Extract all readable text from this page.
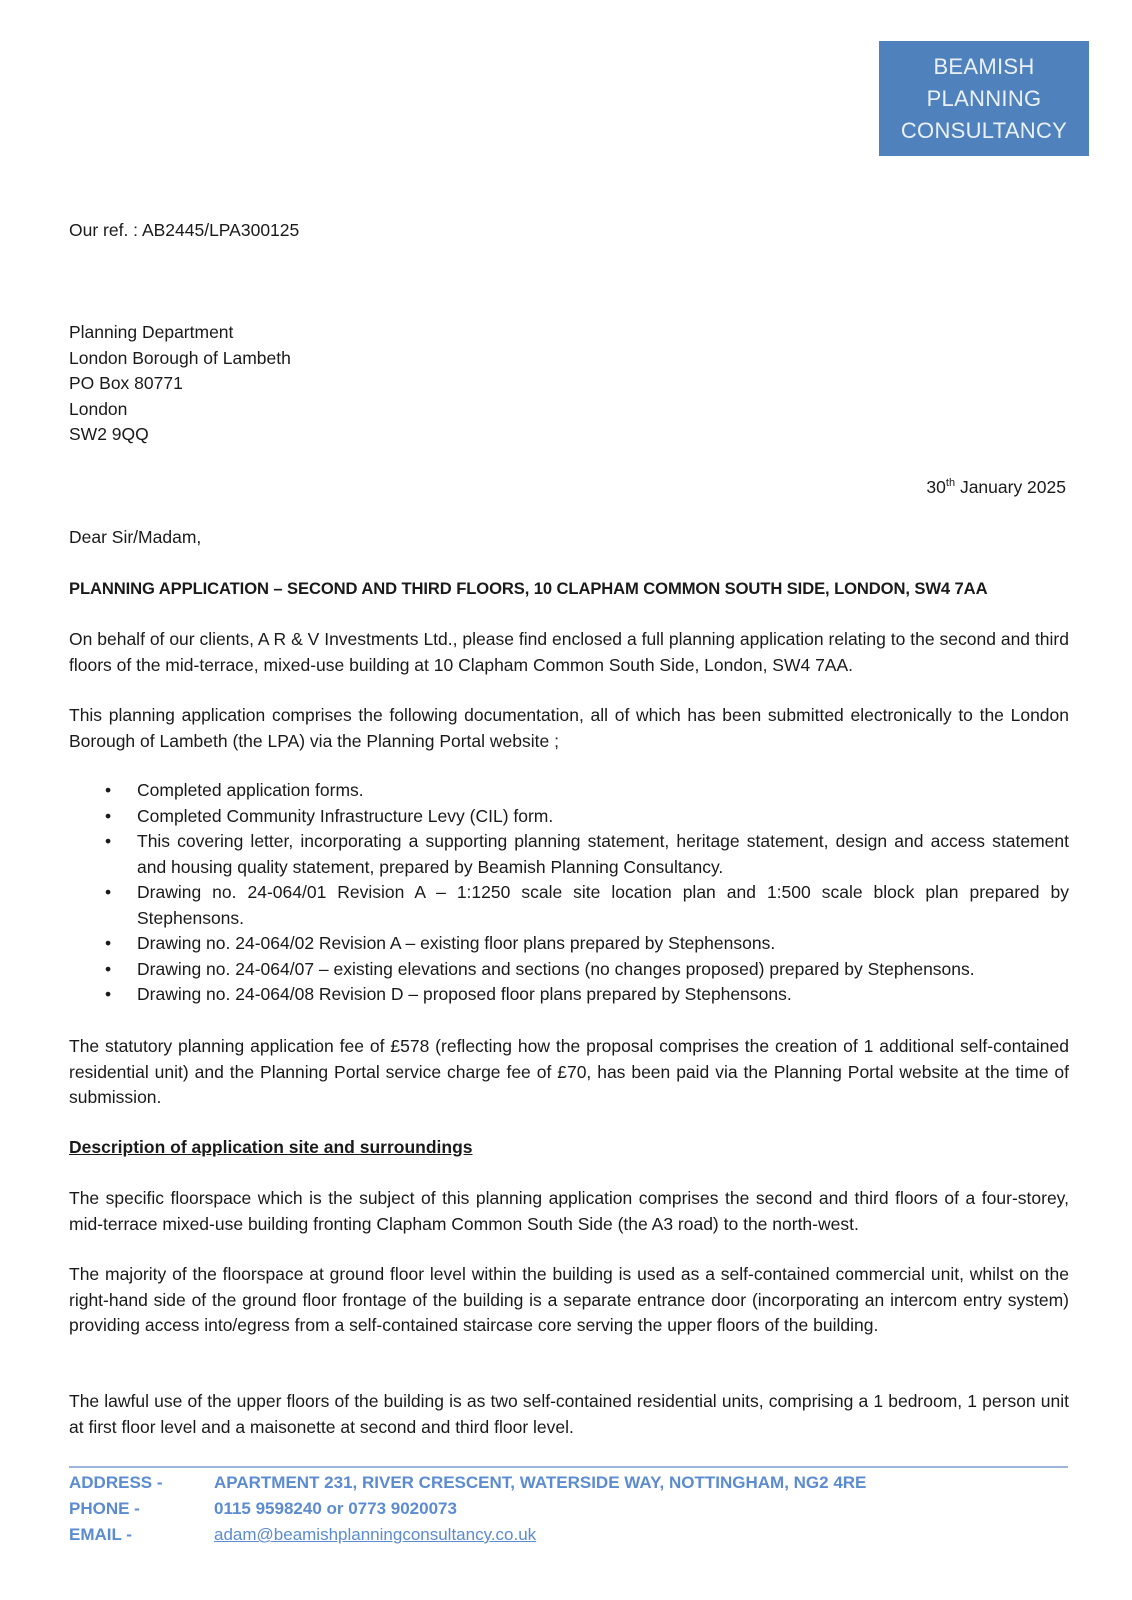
BEAMISH
PLANNING
CONSULTANCY
Our ref. : AB2445/LPA300125
Planning Department
London Borough of Lambeth
PO Box 80771
London
SW2 9QQ
30th January 2025
Dear Sir/Madam,
PLANNING APPLICATION – SECOND AND THIRD FLOORS, 10 CLAPHAM COMMON SOUTH SIDE, LONDON, SW4 7AA
On behalf of our clients, A R & V Investments Ltd., please find enclosed a full planning application relating to the second and third floors of the mid-terrace, mixed-use building at 10 Clapham Common South Side, London, SW4 7AA.
This planning application comprises the following documentation, all of which has been submitted electronically to the London Borough of Lambeth (the LPA) via the Planning Portal website ;
• Completed application forms.
• Completed Community Infrastructure Levy (CIL) form.
• This covering letter, incorporating a supporting planning statement, heritage statement, design and access statement and housing quality statement, prepared by Beamish Planning Consultancy.
• Drawing no. 24-064/01 Revision A – 1:1250 scale site location plan and 1:500 scale block plan prepared by Stephensons.
• Drawing no. 24-064/02 Revision A – existing floor plans prepared by Stephensons.
• Drawing no. 24-064/07 – existing elevations and sections (no changes proposed) prepared by Stephensons.
• Drawing no. 24-064/08 Revision D – proposed floor plans prepared by Stephensons.
The statutory planning application fee of £578 (reflecting how the proposal comprises the creation of 1 additional self-contained residential unit) and the Planning Portal service charge fee of £70, has been paid via the Planning Portal website at the time of submission.
Description of application site and surroundings
The specific floorspace which is the subject of this planning application comprises the second and third floors of a four-storey, mid-terrace mixed-use building fronting Clapham Common South Side (the A3 road) to the north-west.
The majority of the floorspace at ground floor level within the building is used as a self-contained commercial unit, whilst on the right-hand side of the ground floor frontage of the building is a separate entrance door (incorporating an intercom entry system) providing access into/egress from a self-contained staircase core serving the upper floors of the building.
The lawful use of the upper floors of the building is as two self-contained residential units, comprising a 1 bedroom, 1 person unit at first floor level and a maisonette at second and third floor level.
ADDRESS -	APARTMENT 231, RIVER CRESCENT, WATERSIDE WAY, NOTTINGHAM, NG2 4RE
PHONE -	0115 9598240 or 0773 9020073
EMAIL -	adam@beamishplanningconsultancy.co.uk
